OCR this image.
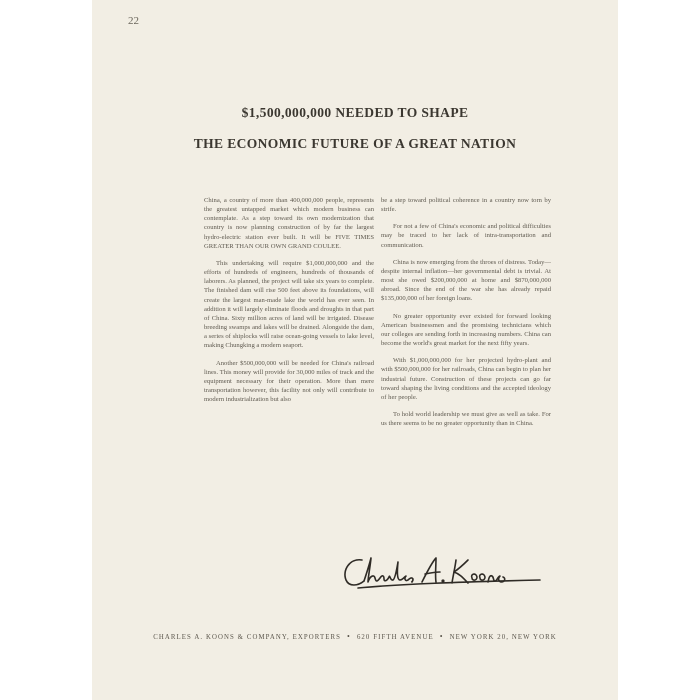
22
$1,500,000,000 NEEDED TO SHAPE
THE ECONOMIC FUTURE OF A GREAT NATION

China, a country of more than 400,000,000 people, represents the greatest untapped market which modern business can contemplate. As a step toward its own modernization that country is now planning construction of by far the largest hydro-electric station ever built. It will be FIVE TIMES GREATER THAN OUR OWN GRAND COULEE.

This undertaking will require $1,000,000,000 and the efforts of hundreds of engineers, hundreds of thousands of laborers. As planned, the project will take six years to complete. The finished dam will rise 500 feet above its foundations, will create the largest man-made lake the world has ever seen. In addition it will largely eliminate floods and droughts in that part of China. Sixty million acres of land will be irrigated. Disease breeding swamps and lakes will be drained. Alongside the dam, a series of shiplocks will raise ocean-going vessels to lake level, making Chungking a modern seaport.

Another $500,000,000 will be needed for China's railroad lines. This money will provide for 30,000 miles of track and the equipment necessary for their operation. More than mere transportation however, this facility not only will contribute to modern industrialization but also

be a step toward political coherence in a country now torn by strife.

For not a few of China's economic and political difficulties may be traced to her lack of intra-transportation and communication.

China is now emerging from the throes of distress. Today—despite internal inflation—her governmental debt is trivial. At most she owed $200,000,000 at home and $870,000,000 abroad. Since the end of the war she has already repaid $135,000,000 of her foreign loans.

No greater opportunity ever existed for forward looking American businessmen and the promising technicians which our colleges are sending forth in increasing numbers. China can become the world's great market for the next fifty years.

With $1,000,000,000 for her projected hydro-plant and with $500,000,000 for her railroads, China can begin to plan her industrial future. Construction of these projects can go far toward shaping the living conditions and the accepted ideology of her people.

To hold world leadership we must give as well as take. For us there seems to be no greater opportunity than in China.

CHARLES A. KOONS & COMPANY, EXPORTERS • 620 FIFTH AVENUE • NEW YORK 20, NEW YORK
